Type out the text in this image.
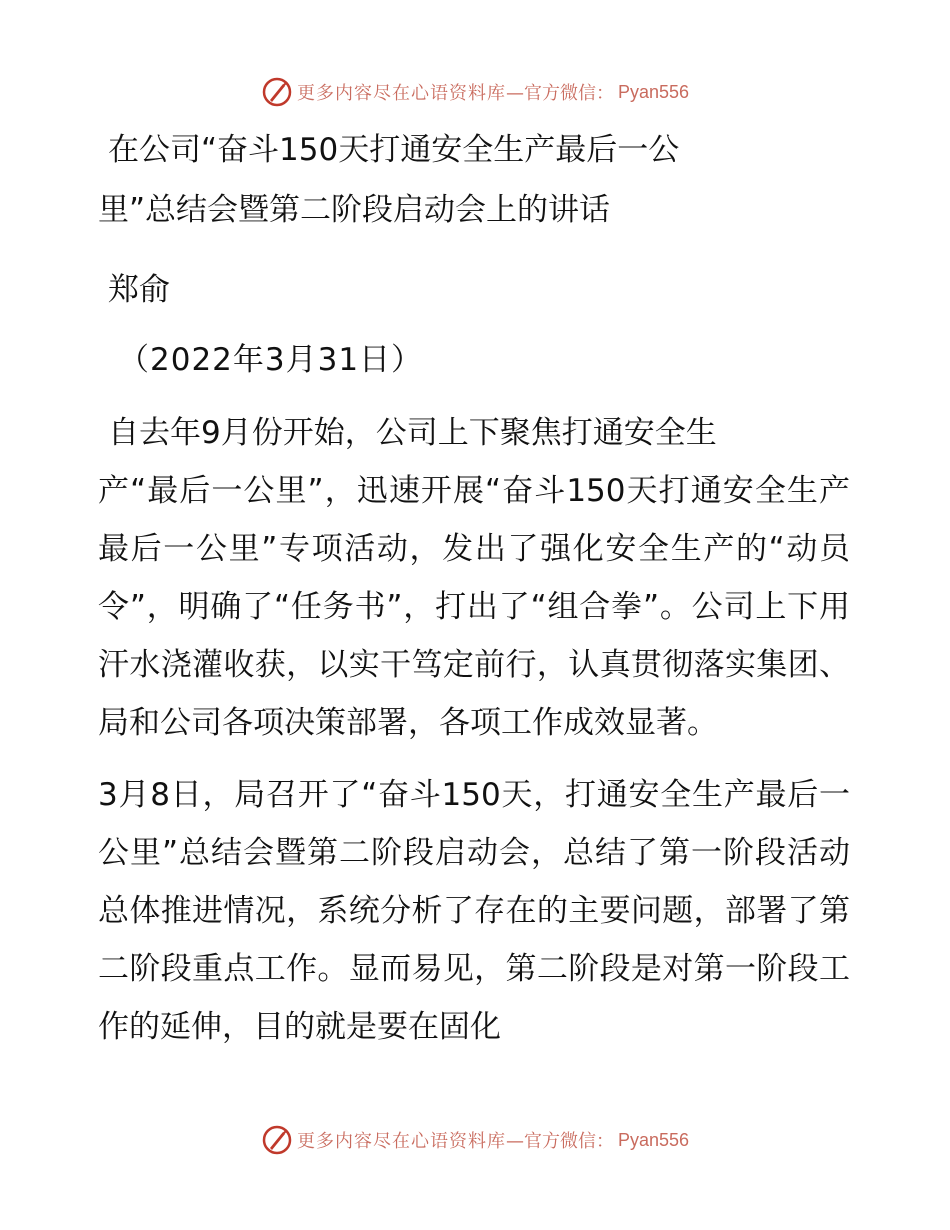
更多内容尽在心语资料库 —官方微信： Pyan556
在公司“奋斗150天打通安全生产最后一公
里”总结会暨第二阶段启动会上的讲话

郑俞

（2022年3月31日）

自去年9月份开始，公司上下聚焦打通安全生
产“最后一公里”，迅速开展“奋斗150天打通安全生产最后一公里”专项活动，发出了强化安全生产的“动员令”，明确了“任务书”，打出了“组合拳”。公司上下用汗水浇灌收获，以实干笃定前行，认真贯彻落实集团、局和公司各项决策部署，各项工作成效显著。

3月8日，局召开了“奋斗150天，打通安全生产最后一公里”总结会暨第二阶段启动会，总结了第一阶段活动总体推进情况，系统分析了存在的主要问题，部署了第二阶段重点工作。显而易见，第二阶段是对第一阶段工作的延伸，目的就是要在固化

更多内容尽在心语资料库 —官方微信： Pyan556
